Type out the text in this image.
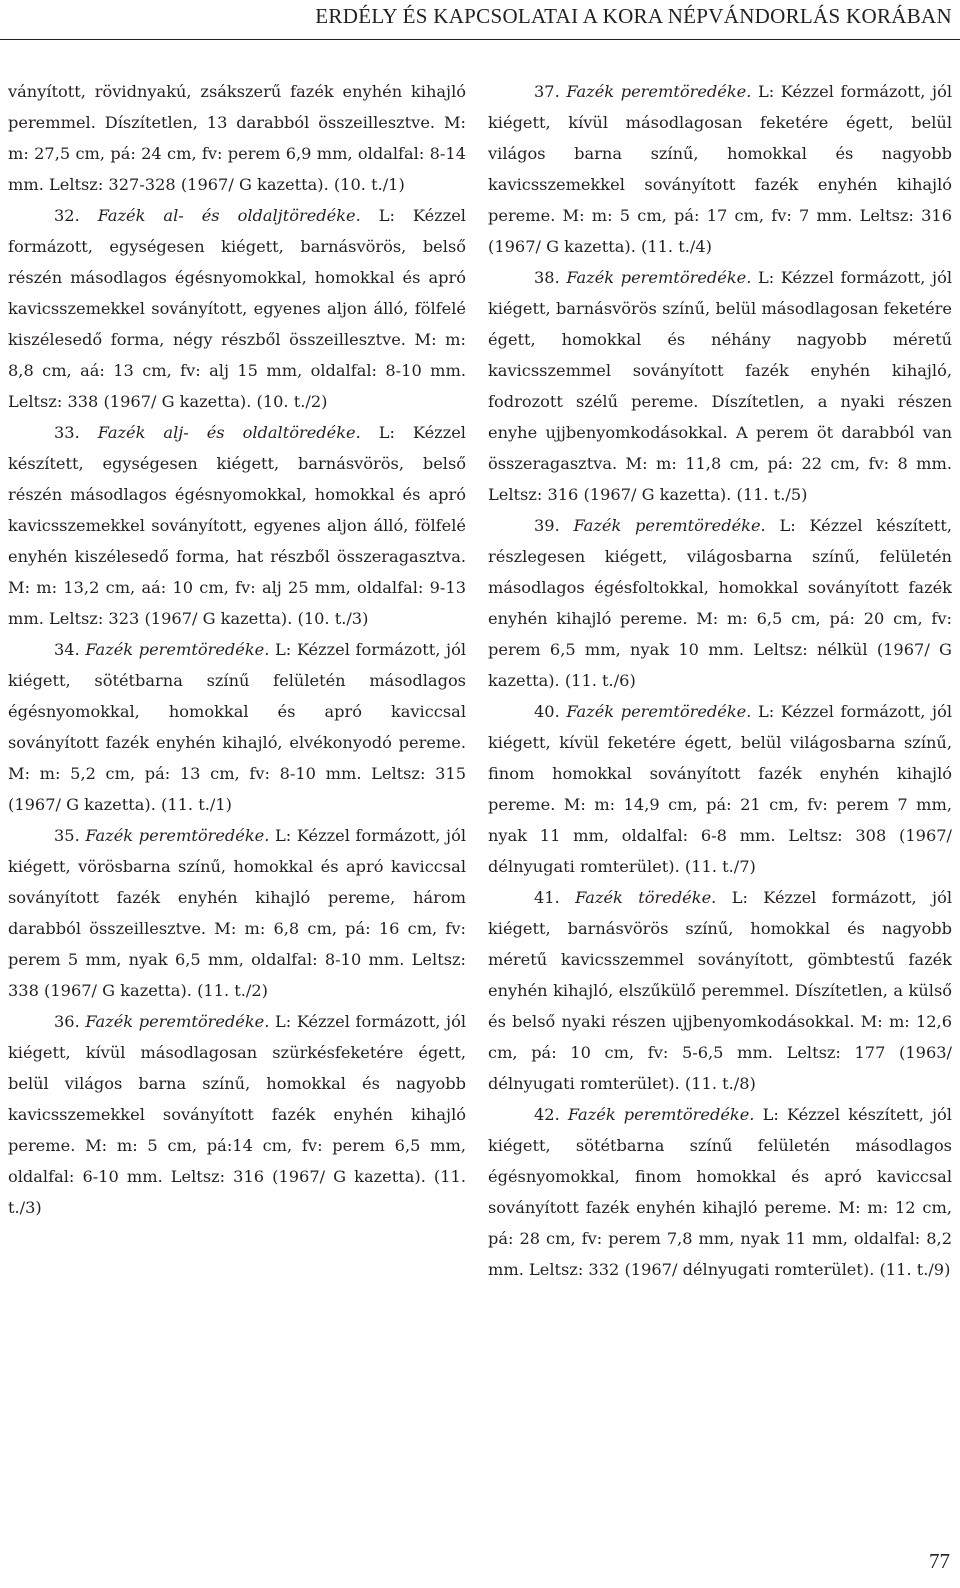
ERDÉLY ÉS KAPCSOLATAI A KORA NÉPVÁNDORLÁS KORÁBAN

ványított, rövidnyakú, zsákszerű fazék enyhén kihajló peremmel. Díszítetlen, 13 darabból összeillesztve. M: m: 27,5 cm, pá: 24 cm, fv: perem 6,9 mm, oldalfal: 8-14 mm. Leltsz: 327-328 (1967/ G kazetta). (10. t./1)

32. Fazék al- és oldaljtöredéke. L: Kézzel formázott, egységesen kiégett, barnásvörös, belső részén másodlagos égésnyomokkal, homokkal és apró kavicsszemekkel soványított, egyenes aljon álló, fölfelé kiszélesedő forma, négy részből összeillesztve. M: m: 8,8 cm, aá: 13 cm, fv: alj 15 mm, oldalfal: 8-10 mm. Leltsz: 338 (1967/ G kazetta). (10. t./2)

33. Fazék alj- és oldaltöredéke. L: Kézzel készített, egységesen kiégett, barnásvörös, belső részén másodlagos égésnyomokkal, homokkal és apró kavicsszemekkel soványított, egyenes aljon álló, fölfelé enyhén kiszélesedő forma, hat részből összeragasztva. M: m: 13,2 cm, aá: 10 cm, fv: alj 25 mm, oldalfal: 9-13 mm. Leltsz: 323 (1967/ G kazetta). (10. t./3)

34. Fazék peremtöredéke. L: Kézzel formázott, jól kiégett, sötétbarna színű felületén másodlagos égésnyomokkal, homokkal és apró kaviccsal soványított fazék enyhén kihajló, elvékonyodó pereme. M: m: 5,2 cm, pá: 13 cm, fv: 8-10 mm. Leltsz: 315 (1967/ G kazetta). (11. t./1)

35. Fazék peremtöredéke. L: Kézzel formázott, jól kiégett, vörösbarna színű, homokkal és apró kaviccsal soványított fazék enyhén kihajló pereme, három darabból összeillesztve. M: m: 6,8 cm, pá: 16 cm, fv: perem 5 mm, nyak 6,5 mm, oldalfal: 8-10 mm. Leltsz: 338 (1967/ G kazetta). (11. t./2)

36. Fazék peremtöredéke. L: Kézzel formázott, jól kiégett, kívül másodlagosan szürkésfeketére égett, belül világos barna színű, homokkal és nagyobb kavicsszemekkel soványított fazék enyhén kihajló pereme. M: m: 5 cm, pá:14 cm, fv: perem 6,5 mm, oldalfal: 6-10 mm. Leltsz: 316 (1967/ G kazetta). (11. t./3)

37. Fazék peremtöredéke. L: Kézzel formázott, jól kiégett, kívül másodlagosan feketére égett, belül világos barna színű, homokkal és nagyobb kavicsszemekkel soványított fazék enyhén kihajló pereme. M: m: 5 cm, pá: 17 cm, fv: 7 mm. Leltsz: 316 (1967/ G kazetta). (11. t./4)

38. Fazék peremtöredéke. L: Kézzel formázott, jól kiégett, barnásvörös színű, belül másodlagosan feketére égett, homokkal és néhány nagyobb méretű kavicsszemmel soványított fazék enyhén kihajló, fodrozott szélű pereme. Díszítetlen, a nyaki részen enyhe ujjbenyomkodásokkal. A perem öt darabból van összeragasztva. M: m: 11,8 cm, pá: 22 cm, fv: 8 mm. Leltsz: 316 (1967/ G kazetta). (11. t./5)

39. Fazék peremtöredéke. L: Kézzel készített, részlegesen kiégett, világosbarna színű, felületén másodlagos égésfoltokkal, homokkal soványított fazék enyhén kihajló pereme. M: m: 6,5 cm, pá: 20 cm, fv: perem 6,5 mm, nyak 10 mm. Leltsz: nélkül (1967/ G kazetta). (11. t./6)

40. Fazék peremtöredéke. L: Kézzel formázott, jól kiégett, kívül feketére égett, belül világosbarna színű, finom homokkal soványított fazék enyhén kihajló pereme. M: m: 14,9 cm, pá: 21 cm, fv: perem 7 mm, nyak 11 mm, oldalfal: 6-8 mm. Leltsz: 308 (1967/ délnyugati romterület). (11. t./7)

41. Fazék töredéke. L: Kézzel formázott, jól kiégett, barnásvörös színű, homokkal és nagyobb méretű kavicsszemmel soványított, gömbtestű fazék enyhén kihajló, elszűkülő peremmel. Díszítetlen, a külső és belső nyaki részen ujjbenyomkodásokkal. M: m: 12,6 cm, pá: 10 cm, fv: 5-6,5 mm. Leltsz: 177 (1963/ délnyugati romterület). (11. t./8)

42. Fazék peremtöredéke. L: Kézzel készített, jól kiégett, sötétbarna színű felületén másodlagos égésnyomokkal, finom homokkal és apró kaviccsal soványított fazék enyhén kihajló pereme. M: m: 12 cm, pá: 28 cm, fv: perem 7,8 mm, nyak 11 mm, oldalfal: 8,2 mm. Leltsz: 332 (1967/ délnyugati romterület). (11. t./9)

77
